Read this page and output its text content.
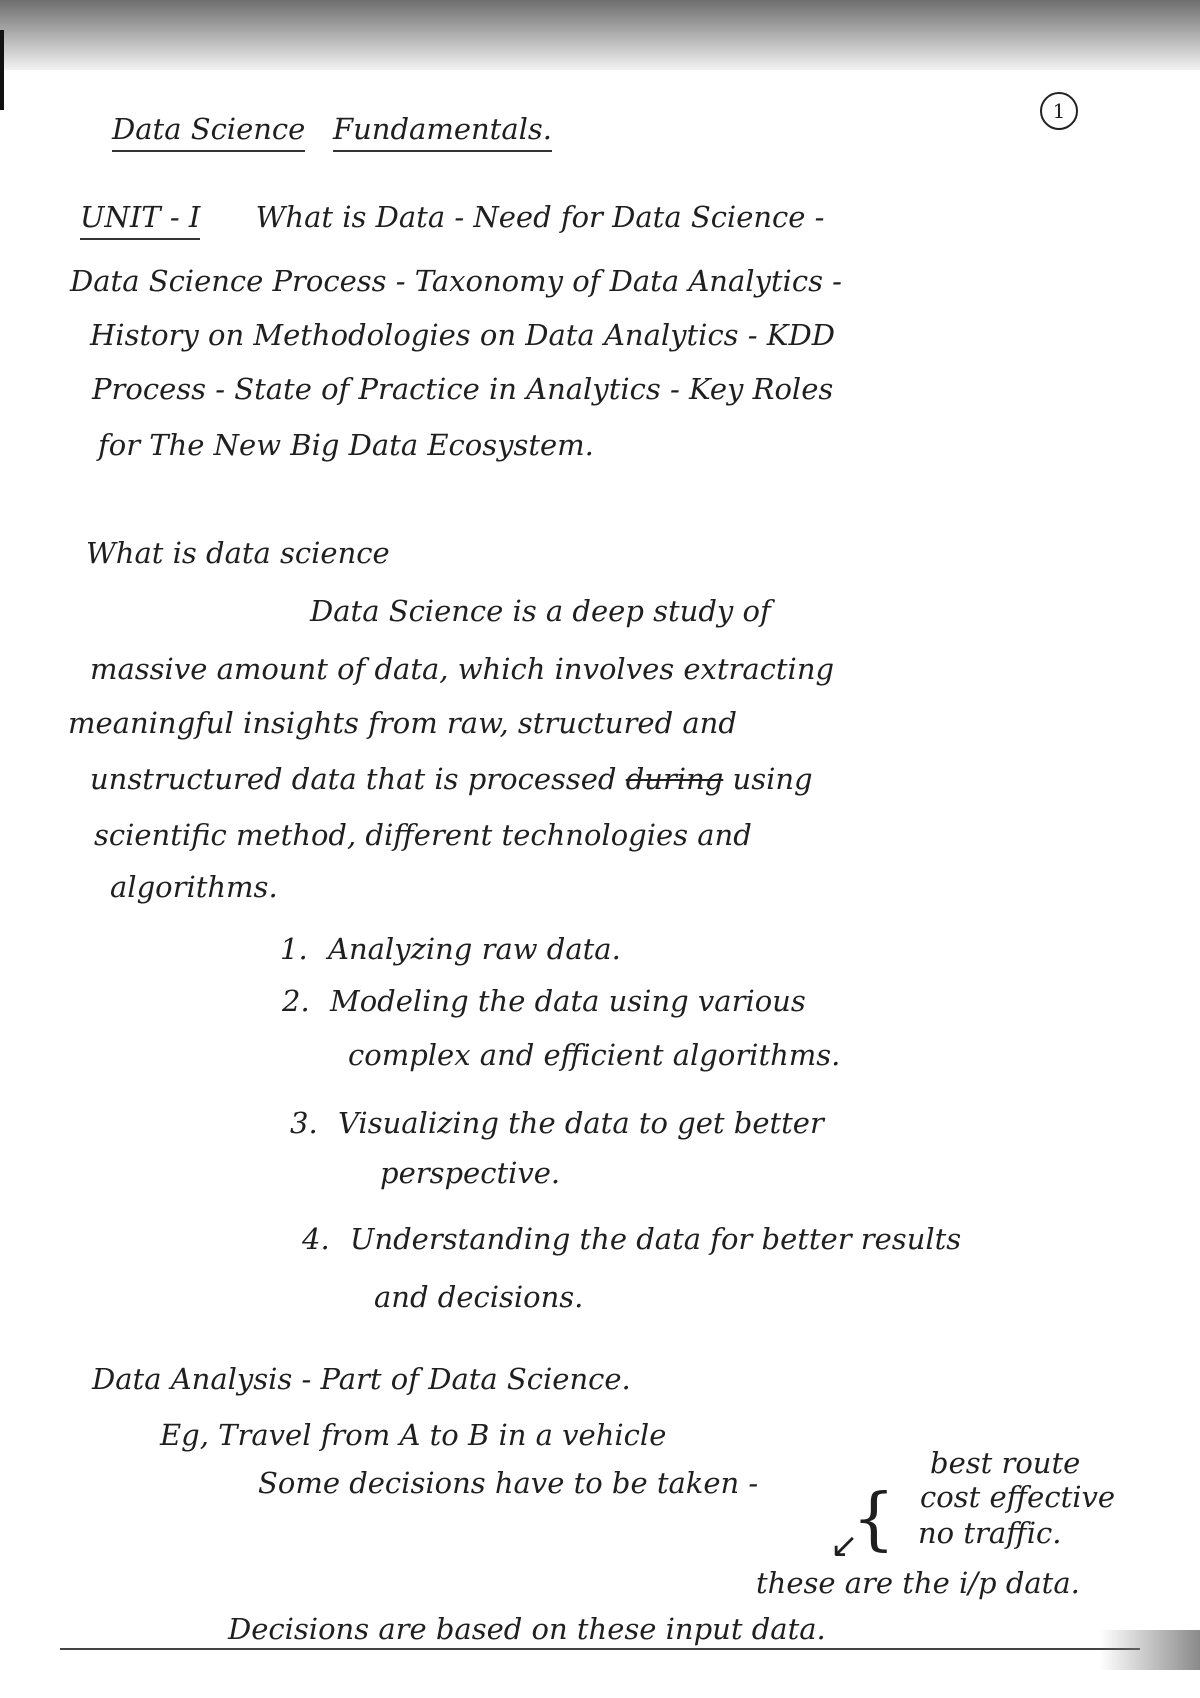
1
Data Science Fundamentals.
UNIT - I What is Data - Need for Data Science -
Data Science Process - Taxonomy of Data Analytics -
History on Methodologies on Data Analytics - KDD
Process - State of Practice in Analytics - Key Roles
for The New Big Data Ecosystem.
What is data science
Data Science is a deep study of
massive amount of data, which involves extracting
meaningful insights from raw, structured and
unstructured data that is processed during using
scientific method, different technologies and
algorithms.
1. Analyzing raw data.
2. Modeling the data using various
complex and efficient algorithms.
3. Visualizing the data to get better
perspective.
4. Understanding the data for better results
and decisions.
Data Analysis - Part of Data Science.
Eg, Travel from A to B in a vehicle
Some decisions have to be taken -
best route
cost effective
no traffic.
{
↙
these are the i/p data.
Decisions are based on these input data.
